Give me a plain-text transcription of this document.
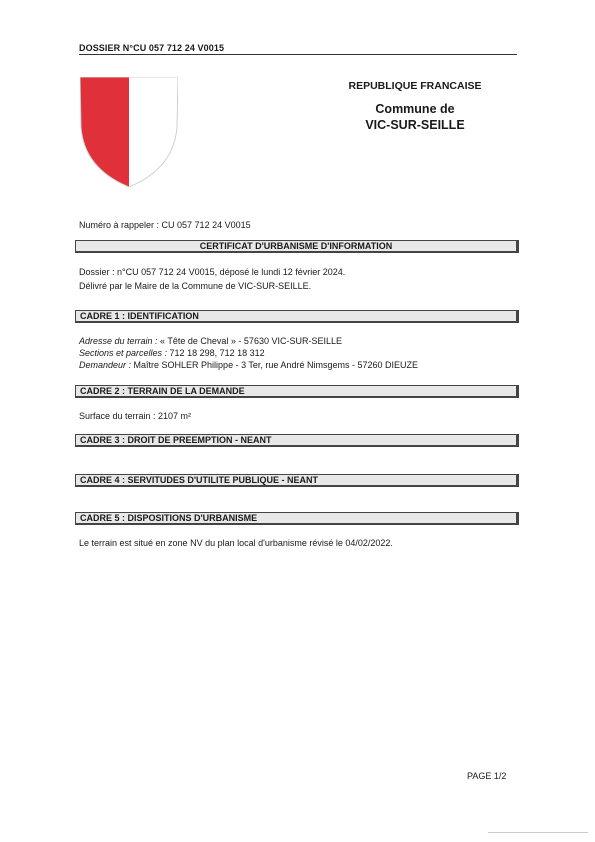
DOSSIER N°CU 057 712 24 V0015
REPUBLIQUE FRANCAISE
Commune de
VIC-SUR-SEILLE
Numéro à rappeler : CU 057 712 24 V0015
CERTIFICAT D'URBANISME D'INFORMATION
Dossier : n°CU 057 712 24 V0015, déposé le lundi 12 février 2024.
Délivré par le Maire de la Commune de VIC-SUR-SEILLE.
CADRE 1 : IDENTIFICATION
Adresse du terrain : « Tête de Cheval » - 57630 VIC-SUR-SEILLE
Sections et parcelles : 712 18 298, 712 18 312
Demandeur : Maître SOHLER Philippe - 3 Ter, rue André Nimsgems - 57260 DIEUZE
CADRE 2 : TERRAIN DE LA DEMANDE
Surface du terrain : 2107 m²
CADRE 3 : DROIT DE PREEMPTION - NEANT
CADRE 4 : SERVITUDES D'UTILITE PUBLIQUE - NEANT
CADRE 5 : DISPOSITIONS D'URBANISME
Le terrain est situé en zone NV du plan local d'urbanisme révisé le 04/02/2022.
PAGE 1/2
